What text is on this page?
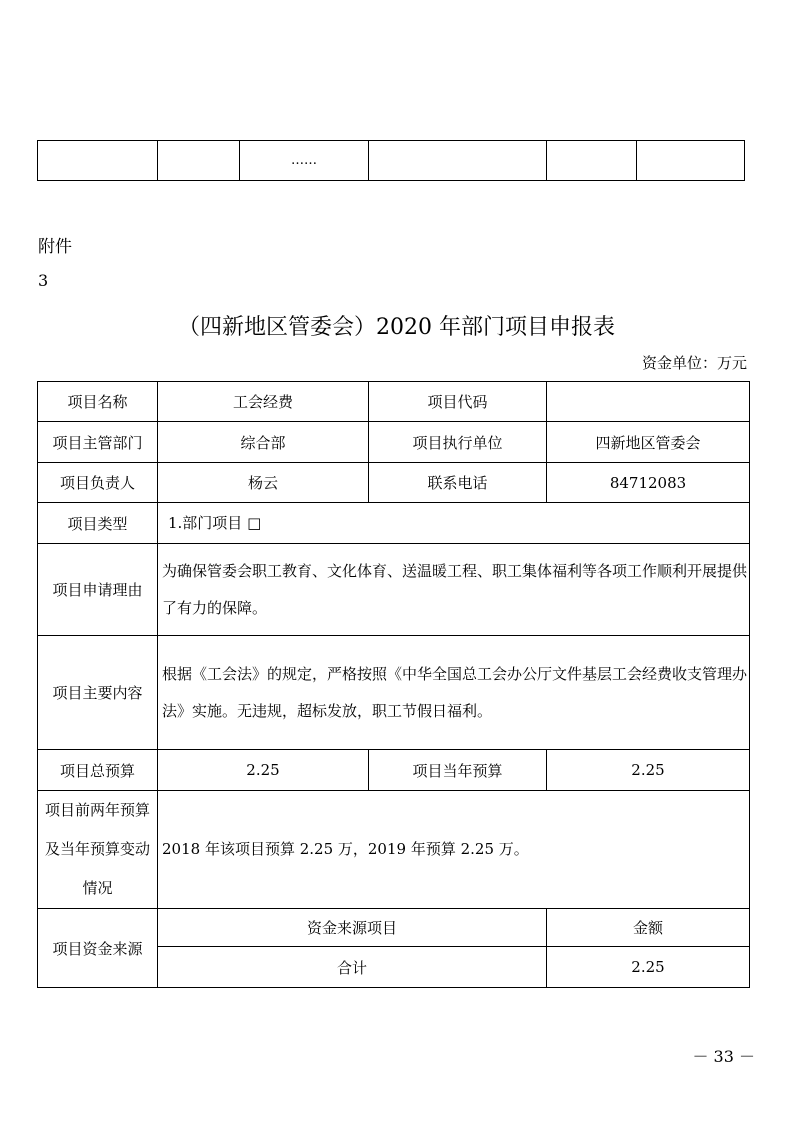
		……			
附件
3
（四新地区管委会）2020 年部门项目申报表
资金单位：万元
项目名称	工会经费	项目代码	
项目主管部门	综合部	项目执行单位	四新地区管委会
项目负责人	杨云	联系电话	84712083
项目类型	1.部门项目 □		
项目申请理由	为确保管委会职工教育、文化体育、送温暖工程、职工集体福利等各项工作顺利开展提供了有力的保障。		
项目主要内容	根据《工会法》的规定，严格按照《中华全国总工会办公厅文件基层工会经费收支管理办法》实施。无违规，超标发放，职工节假日福利。		
项目总预算	2.25	项目当年预算	2.25
项目前两年预算及当年预算变动情况	2018 年该项目预算 2.25 万，2019 年预算 2.25 万。		
项目资金来源	资金来源项目		金额
	合计		2.25
－ 33 －
